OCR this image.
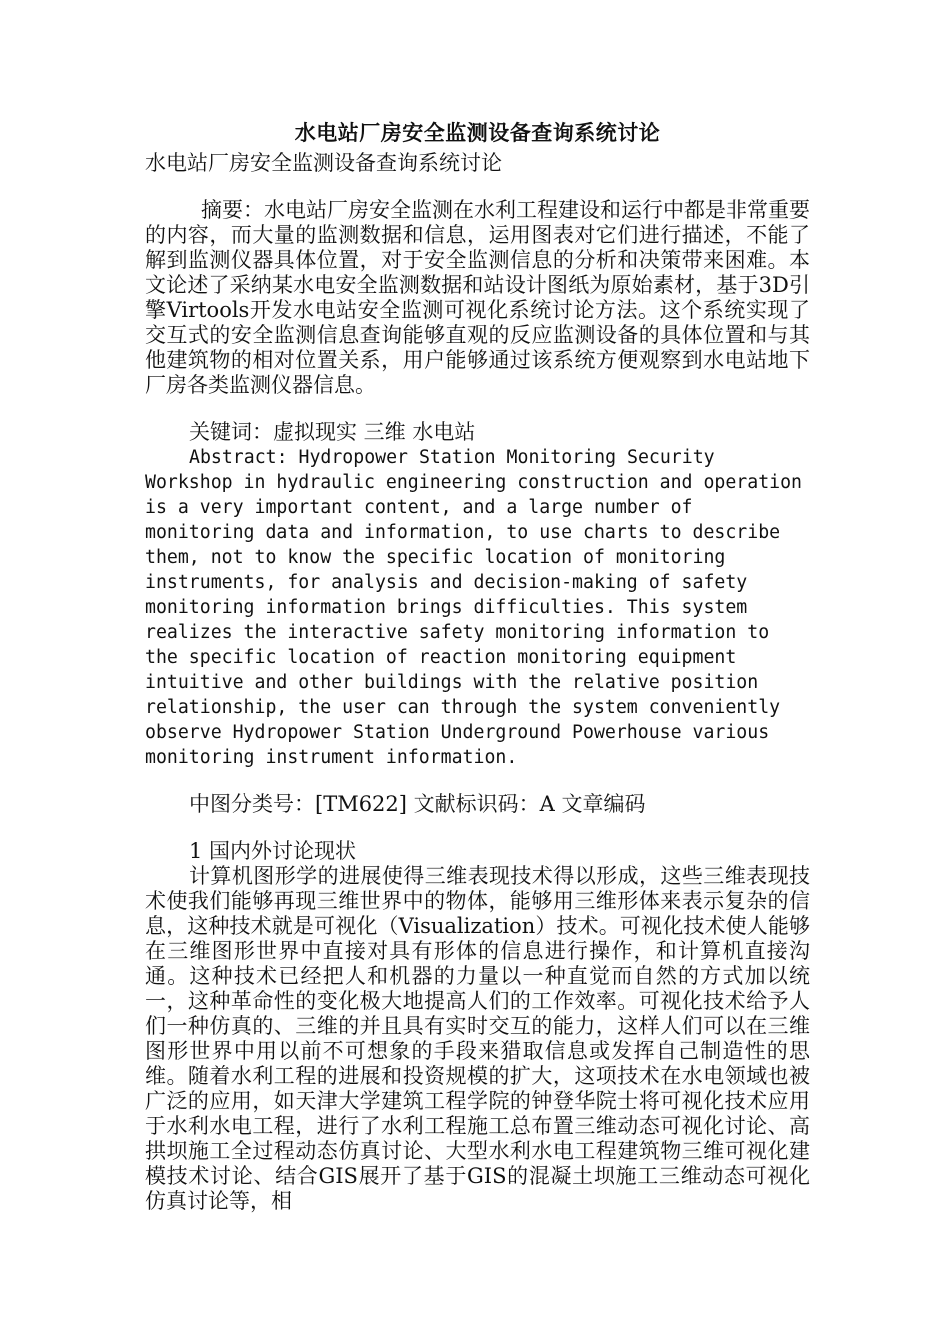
水电站厂房安全监测设备查询系统讨论

水电站厂房安全监测设备查询系统讨论

摘要：水电站厂房安全监测在水利工程建设和运行中都是非常重要的内容，而大量的监测数据和信息，运用图表对它们进行描述，不能了解到监测仪器具体位置，对于安全监测信息的分析和决策带来困难。本文论述了采纳某水电安全监测数据和站设计图纸为原始素材，基于3D引擎Virtools开发水电站安全监测可视化系统讨论方法。这个系统实现了交互式的安全监测信息查询能够直观的反应监测设备的具体位置和与其他建筑物的相对位置关系，用户能够通过该系统方便观察到水电站地下厂房各类监测仪器信息。

关键词：虚拟现实 三维 水电站

Abstract: Hydropower Station Monitoring Security Workshop in hydraulic engineering construction and operation is a very important content, and a large number of monitoring data and information, to use charts to describe them, not to know the specific location of monitoring instruments, for analysis and decision-making of safety monitoring information brings difficulties. This system realizes the interactive safety monitoring information to the specific location of reaction monitoring equipment intuitive and other buildings with the relative position relationship, the user can through the system conveniently observe Hydropower Station Underground Powerhouse various monitoring instrument information.

中图分类号：[TM622] 文献标识码：A 文章编码

1 国内外讨论现状

计算机图形学的进展使得三维表现技术得以形成，这些三维表现技术使我们能够再现三维世界中的物体，能够用三维形体来表示复杂的信息，这种技术就是可视化（Visualization）技术。可视化技术使人能够在三维图形世界中直接对具有形体的信息进行操作，和计算机直接沟通。这种技术已经把人和机器的力量以一种直觉而自然的方式加以统一，这种革命性的变化极大地提高人们的工作效率。可视化技术给予人们一种仿真的、三维的并且具有实时交互的能力，这样人们可以在三维图形世界中用以前不可想象的手段来猎取信息或发挥自己制造性的思维。随着水利工程的进展和投资规模的扩大，这项技术在水电领域也被广泛的应用，如天津大学建筑工程学院的钟登华院士将可视化技术应用于水利水电工程，进行了水利工程施工总布置三维动态可视化讨论、高拱坝施工全过程动态仿真讨论、大型水利水电工程建筑物三维可视化建模技术讨论、结合GIS展开了基于GIS的混凝土坝施工三维动态可视化仿真讨论等，相
